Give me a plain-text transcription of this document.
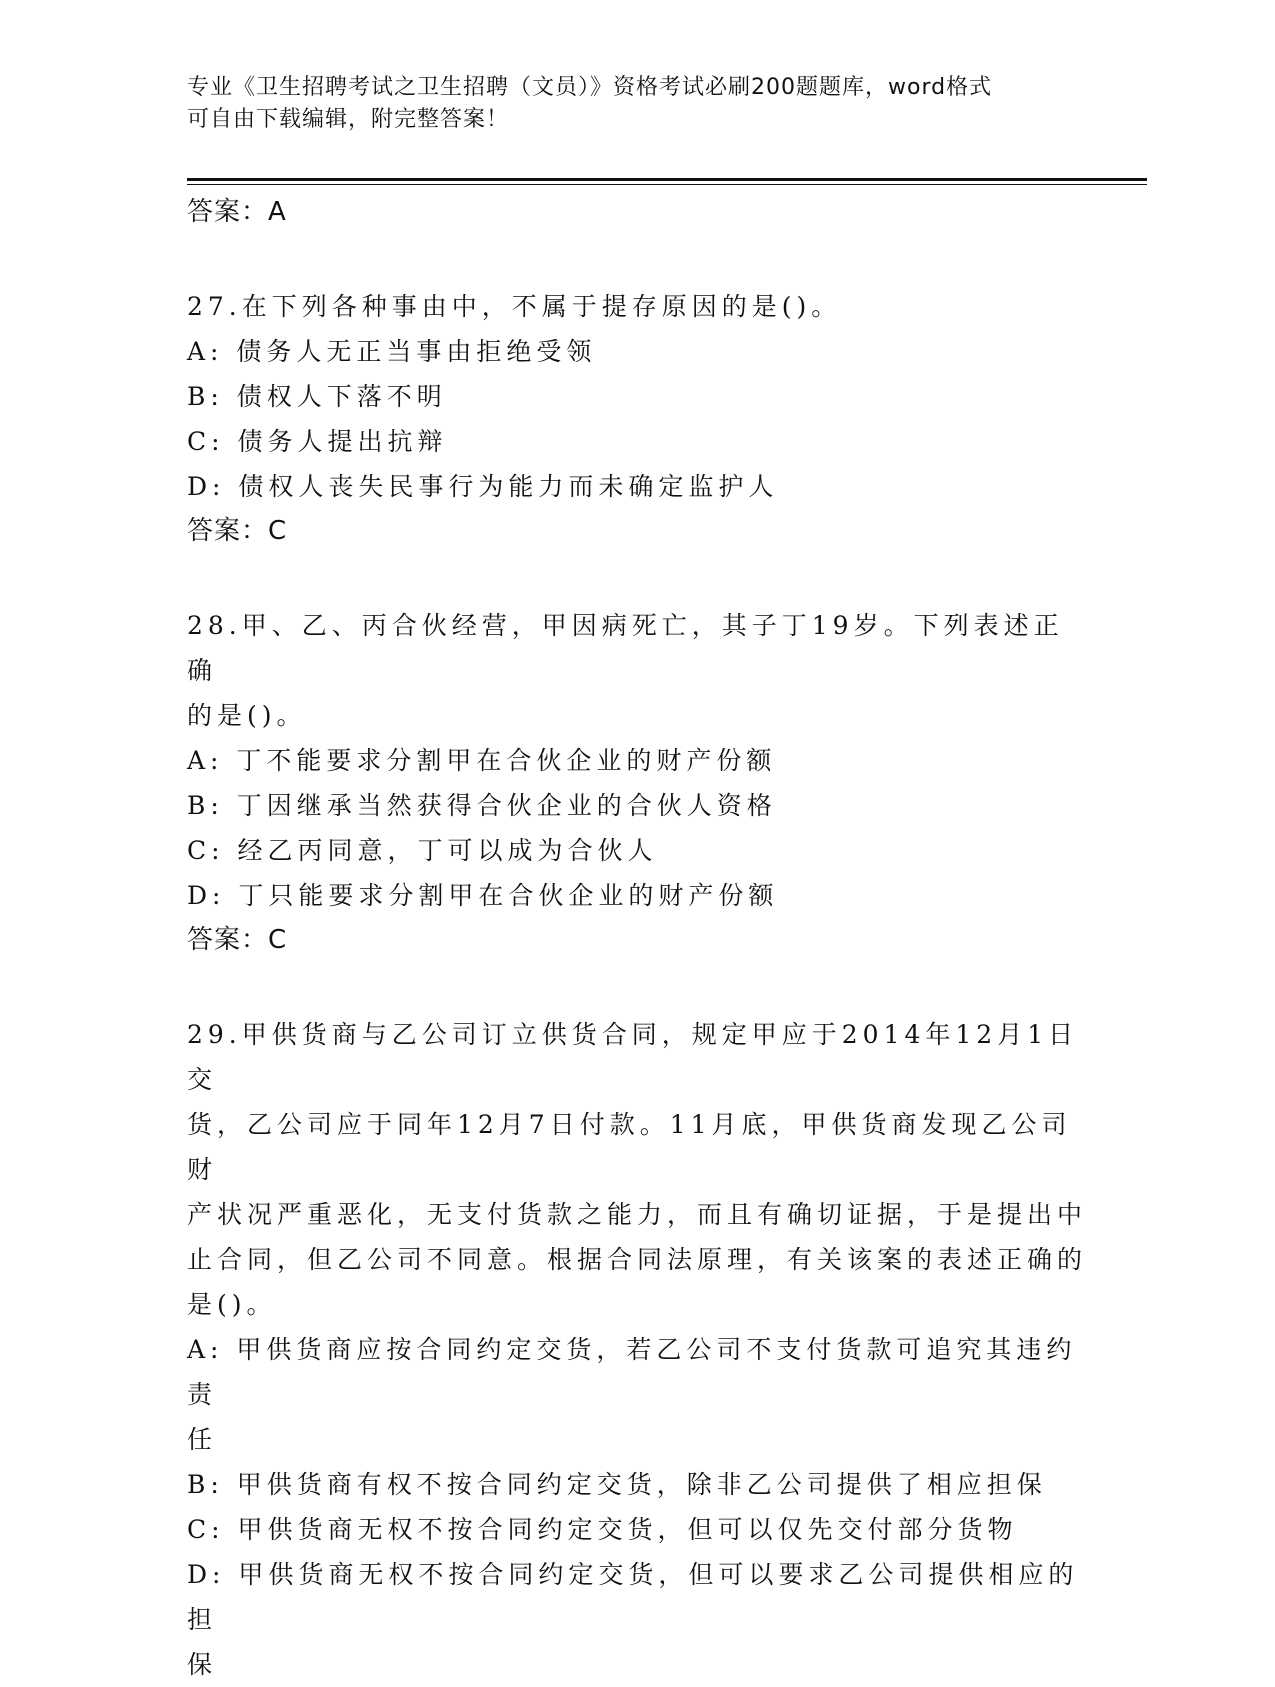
专业《卫生招聘考试之卫生招聘（文员）》资格考试必刷200题题库，word格式
可自由下载编辑，附完整答案！
答案：A
27.在下列各种事由中，不属于提存原因的是()。
A: 债务人无正当事由拒绝受领
B: 债权人下落不明
C: 债务人提出抗辩
D: 债权人丧失民事行为能力而未确定监护人
答案：C
28.甲、乙、丙合伙经营，甲因病死亡，其子丁19岁。下列表述正确
的是()。
A: 丁不能要求分割甲在合伙企业的财产份额
B: 丁因继承当然获得合伙企业的合伙人资格
C: 经乙丙同意，丁可以成为合伙人
D: 丁只能要求分割甲在合伙企业的财产份额
答案：C
29.甲供货商与乙公司订立供货合同，规定甲应于2014年12月1日交
货，乙公司应于同年12月7日付款。11月底，甲供货商发现乙公司财
产状况严重恶化，无支付货款之能力，而且有确切证据，于是提出中
止合同，但乙公司不同意。根据合同法原理，有关该案的表述正确的
是()。
A: 甲供货商应按合同约定交货，若乙公司不支付货款可追究其违约责
任
B: 甲供货商有权不按合同约定交货，除非乙公司提供了相应担保
C: 甲供货商无权不按合同约定交货，但可以仅先交付部分货物
D: 甲供货商无权不按合同约定交货，但可以要求乙公司提供相应的担
保
